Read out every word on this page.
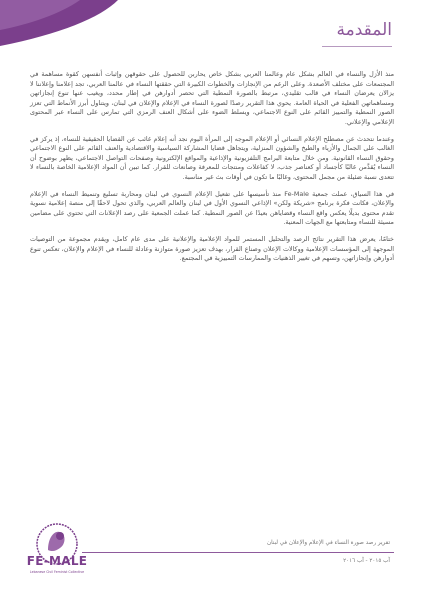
المقدمة

منذ الأزل والنساء في العالم بشكل عام وعالمنا العربي بشكل خاص يحاربن للحصول على حقوقهن وإثبات أنفسهن كقوة مساهمة في المجتمعات على مختلف الأصعدة. وعلى الرغم من الإنجازات والخطوات الكبيرة التي حققتها النساء في عالمنا العربي، تجد إعلامنا وإعلاننا لا يزالان يعرضان النساء في قالب تقليدي، مرتبط بالصورة النمطية التي تحصر أدوارهن في إطار محدد، ويغيب عنها تنوع إنجازاتهن ومساهماتهن الفعلية في الحياة العامة. يحوي هذا التقرير رصدًا لصورة النساء في الإعلام والإعلان في لبنان، ويتناول أبرز الأنماط التي تعزز الصور النمطية والتمييز القائم على النوع الاجتماعي، ويسلط الضوء على أشكال العنف الرمزي التي تمارس على النساء عبر المحتوى الإعلامي والإعلاني.

وعندما نتحدث عن مصطلح الإعلام النسائي أو الإعلام الموجه إلى المرأة اليوم نجد أنه إعلام غائب عن القضايا الحقيقية للنساء، إذ يركز في الغالب على الجمال والأزياء والطبخ والشؤون المنزلية، ويتجاهل قضايا المشاركة السياسية والاقتصادية والعنف القائم على النوع الاجتماعي وحقوق النساء القانونية. ومن خلال متابعة البرامج التلفزيونية والإذاعية والمواقع الإلكترونية وصفحات التواصل الاجتماعي، يظهر بوضوح أن النساء يُقدَّمن غالبًا كأجساد أو كعناصر جذب، لا كفاعلات ومنتجات للمعرفة وصانعات للقرار. كما تبين أن المواد الإعلامية الخاصة بالنساء لا تتعدى نسبة ضئيلة من مجمل المحتوى، وغالبًا ما تكون في أوقات بث غير مناسبة.

في هذا السياق، عملت جمعية Fe-Male منذ تأسيسها على تفعيل الإعلام النسوي في لبنان ومحاربة تسليع وتنميط النساء في الإعلام والإعلان، فكانت فكرة برنامج «شريكة ولكن» الإذاعي النسوي الأول في لبنان والعالم العربي، والذي تحول لاحقًا إلى منصة إعلامية نسوية تقدم محتوى بديلًا يعكس واقع النساء وقضاياهن بعيدًا عن الصور النمطية. كما عملت الجمعية على رصد الإعلانات التي تحتوي على مضامين مسيئة للنساء ومتابعتها مع الجهات المعنية.

ختامًا، يعرض هذا التقرير نتائج الرصد والتحليل المستمر للمواد الإعلامية والإعلانية على مدى عام كامل، ويقدم مجموعة من التوصيات الموجهة إلى المؤسسات الإعلامية ووكالات الإعلان وصناع القرار، بهدف تعزيز صورة متوازنة وعادلة للنساء في الإعلام والإعلان، تعكس تنوع أدوارهن وإنجازاتهن، وتسهم في تغيير الذهنيات والممارسات التمييزية في المجتمع.

FE-MALE
Lebanese Civil Feminist Collective
تقرير رصد صورة النساء في الإعلام والإعلان في لبنان
آب ٢٠١٥ - آب ٢٠١٦
